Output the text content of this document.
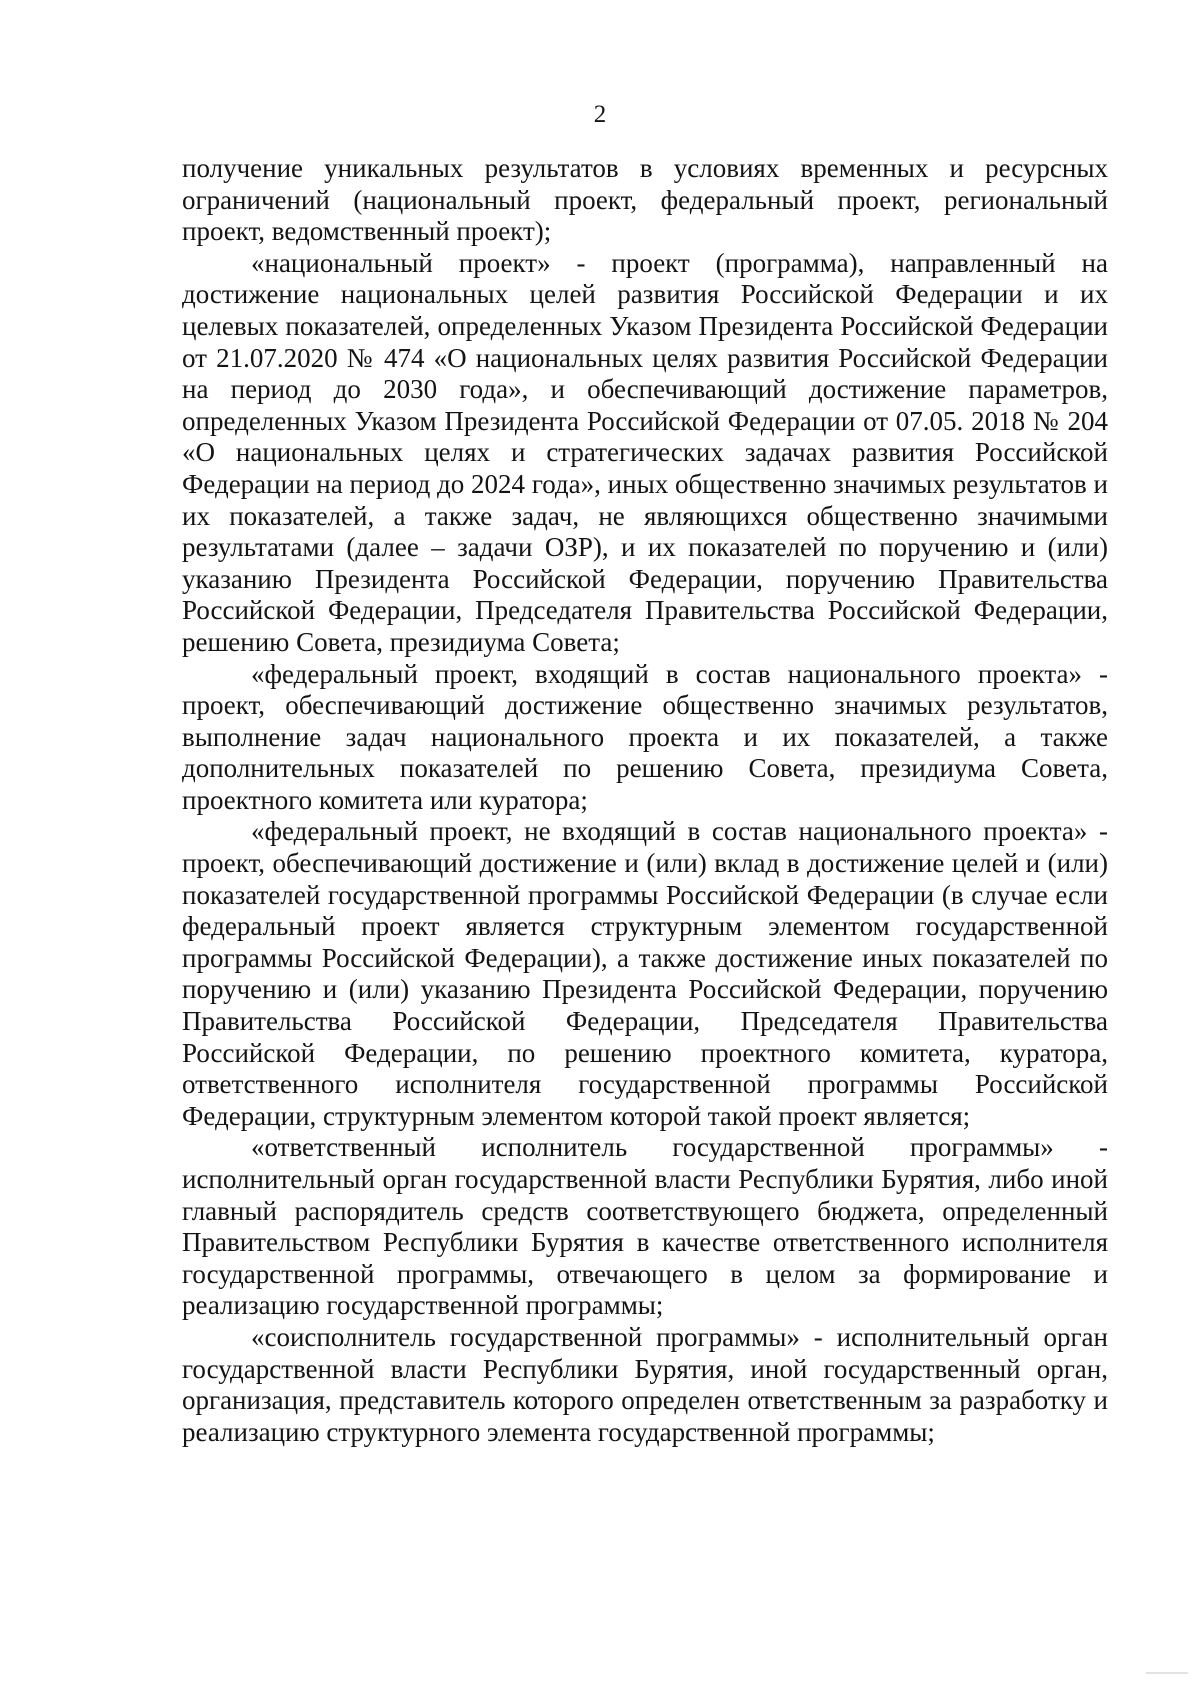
2

получение уникальных результатов в условиях временных и ресурсных ограничений (национальный проект, федеральный проект, региональный проект, ведомственный проект);

«национальный проект» - проект (программа), направленный на достижение национальных целей развития Российской Федерации и их целевых показателей, определенных Указом Президента Российской Федерации от 21.07.2020 № 474 «О национальных целях развития Российской Федерации на период до 2030 года», и обеспечивающий достижение параметров, определенных Указом Президента Российской Федерации от 07.05. 2018 № 204 «О национальных целях и стратегических задачах развития Российской Федерации на период до 2024 года», иных общественно значимых результатов и их показателей, а также задач, не являющихся общественно значимыми результатами (далее – задачи ОЗР), и их показателей по поручению и (или) указанию Президента Российской Федерации, поручению Правительства Российской Федерации, Председателя Правительства Российской Федерации, решению Совета, президиума Совета;

«федеральный проект, входящий в состав национального проекта» - проект, обеспечивающий достижение общественно значимых результатов, выполнение задач национального проекта и их показателей, а также дополнительных показателей по решению Совета, президиума Совета, проектного комитета или куратора;

«федеральный проект, не входящий в состав национального проекта» - проект, обеспечивающий достижение и (или) вклад в достижение целей и (или) показателей государственной программы Российской Федерации (в случае если федеральный проект является структурным элементом государственной программы Российской Федерации), а также достижение иных показателей по поручению и (или) указанию Президента Российской Федерации, поручению Правительства Российской Федерации, Председателя Правительства Российской Федерации, по решению проектного комитета, куратора, ответственного исполнителя государственной программы Российской Федерации, структурным элементом которой такой проект является;

«ответственный исполнитель государственной программы» - исполнительный орган государственной власти Республики Бурятия, либо иной главный распорядитель средств соответствующего бюджета, определенный Правительством Республики Бурятия в качестве ответственного исполнителя государственной программы, отвечающего в целом за формирование и реализацию государственной программы;

«соисполнитель государственной программы» - исполнительный орган государственной власти Республики Бурятия, иной государственный орган, организация, представитель которого определен ответственным за разработку и реализацию структурного элемента государственной программы;
